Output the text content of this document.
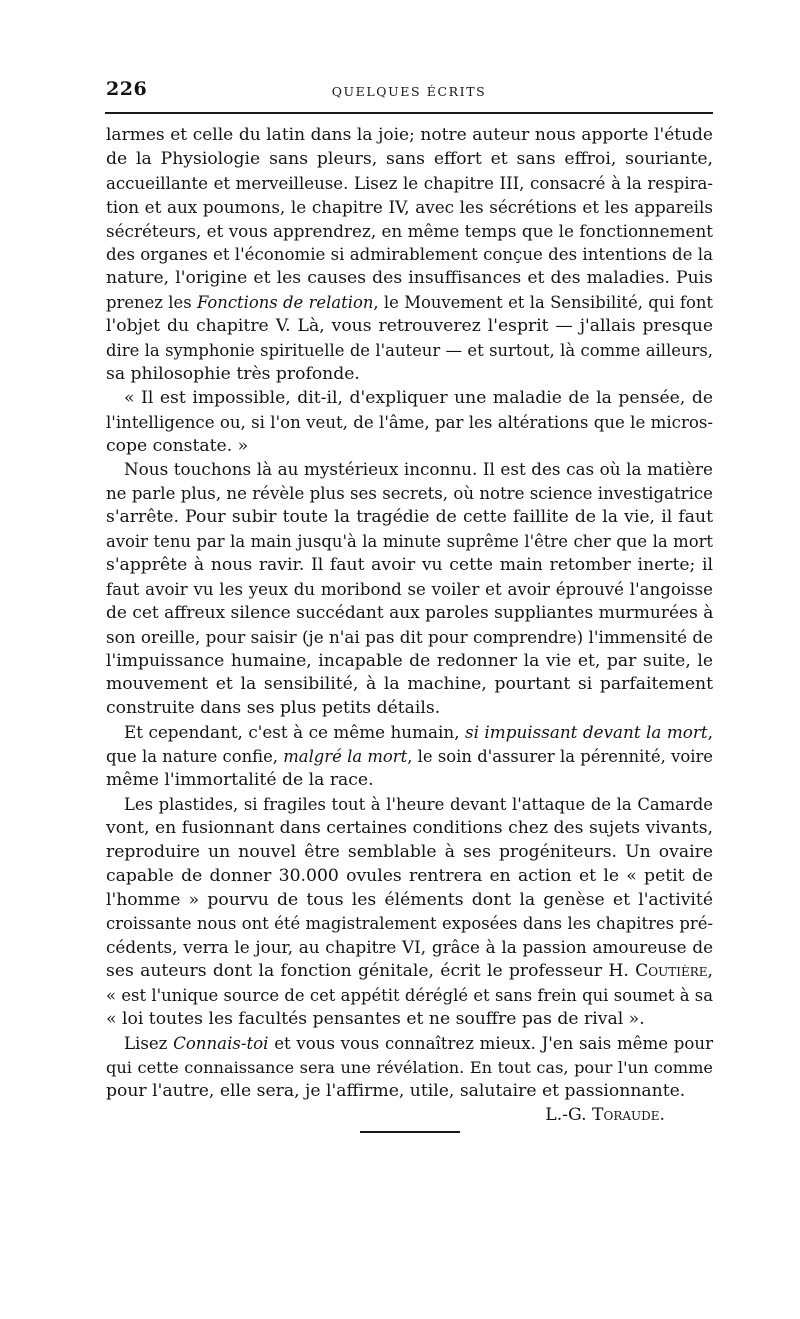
226	QUELQUES ÉCRITS
larmes et celle du latin dans la joie; notre auteur nous apporte l'étude
de la Physiologie sans pleurs, sans effort et sans effroi, souriante,
accueillante et merveilleuse. Lisez le chapitre III, consacré à la respira-
tion et aux poumons, le chapitre IV, avec les sécrétions et les appareils
sécréteurs, et vous apprendrez, en même temps que le fonctionnement
des organes et l'économie si admirablement conçue des intentions de la
nature, l'origine et les causes des insuffisances et des maladies. Puis
prenez les Fonctions de relation, le Mouvement et la Sensibilité, qui font
l'objet du chapitre V. Là, vous retrouverez l'esprit — j'allais presque
dire la symphonie spirituelle de l'auteur — et surtout, là comme ailleurs,
sa philosophie très profonde.
« Il est impossible, dit-il, d'expliquer une maladie de la pensée, de
l'intelligence ou, si l'on veut, de l'âme, par les altérations que le micros-
cope constate. »
Nous touchons là au mystérieux inconnu. Il est des cas où la matière
ne parle plus, ne révèle plus ses secrets, où notre science investigatrice
s'arrête. Pour subir toute la tragédie de cette faillite de la vie, il faut
avoir tenu par la main jusqu'à la minute suprême l'être cher que la mort
s'apprête à nous ravir. Il faut avoir vu cette main retomber inerte; il
faut avoir vu les yeux du moribond se voiler et avoir éprouvé l'angoisse
de cet affreux silence succédant aux paroles suppliantes murmurées à
son oreille, pour saisir (je n'ai pas dit pour comprendre) l'immensité de
l'impuissance humaine, incapable de redonner la vie et, par suite, le
mouvement et la sensibilité, à la machine, pourtant si parfaitement
construite dans ses plus petits détails.
Et cependant, c'est à ce même humain, si impuissant devant la mort,
que la nature confie, malgré la mort, le soin d'assurer la pérennité, voire
même l'immortalité de la race.
Les plastides, si fragiles tout à l'heure devant l'attaque de la Camarde
vont, en fusionnant dans certaines conditions chez des sujets vivants,
reproduire un nouvel être semblable à ses progéniteurs. Un ovaire
capable de donner 30.000 ovules rentrera en action et le « petit de
l'homme » pourvu de tous les éléments dont la genèse et l'activité
croissante nous ont été magistralement exposées dans les chapitres pré-
cédents, verra le jour, au chapitre VI, grâce à la passion amoureuse de
ses auteurs dont la fonction génitale, écrit le professeur H. Coutière,
« est l'unique source de cet appétit déréglé et sans frein qui soumet à sa
« loi toutes les facultés pensantes et ne souffre pas de rival ».
Lisez Connais-toi et vous vous connaîtrez mieux. J'en sais même pour
qui cette connaissance sera une révélation. En tout cas, pour l'un comme
pour l'autre, elle sera, je l'affirme, utile, salutaire et passionnante.
L.-G. Toraude.
